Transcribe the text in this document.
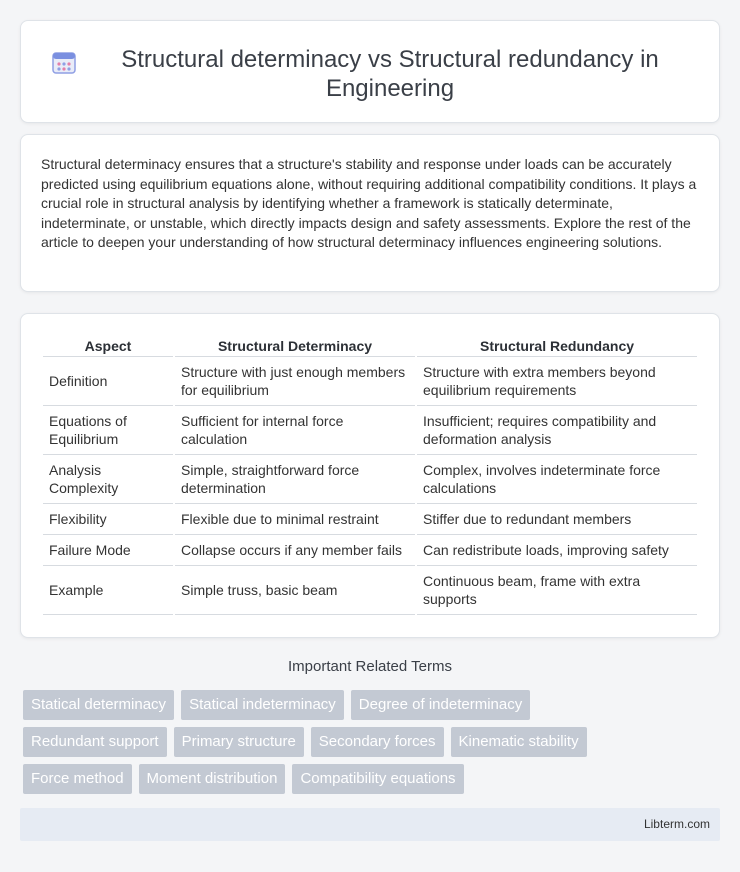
Structural determinacy vs Structural redundancy in Engineering

Structural determinacy ensures that a structure's stability and response under loads can be accurately predicted using equilibrium equations alone, without requiring additional compatibility conditions. It plays a crucial role in structural analysis by identifying whether a framework is statically determinate, indeterminate, or unstable, which directly impacts design and safety assessments. Explore the rest of the article to deepen your understanding of how structural determinacy influences engineering solutions.

Aspect	Structural Determinacy	Structural Redundancy
Definition	Structure with just enough members for equilibrium	Structure with extra members beyond equilibrium requirements
Equations of Equilibrium	Sufficient for internal force calculation	Insufficient; requires compatibility and deformation analysis
Analysis Complexity	Simple, straightforward force determination	Complex, involves indeterminate force calculations
Flexibility	Flexible due to minimal restraint	Stiffer due to redundant members
Failure Mode	Collapse occurs if any member fails	Can redistribute loads, improving safety
Example	Simple truss, basic beam	Continuous beam, frame with extra supports
Important Related Terms
Statical determinacy	Statical indeterminacy	Degree of indeterminacy
Redundant support	Primary structure	Secondary forces	Kinematic stability
Force method	Moment distribution	Compatibility equations
Libterm.com
